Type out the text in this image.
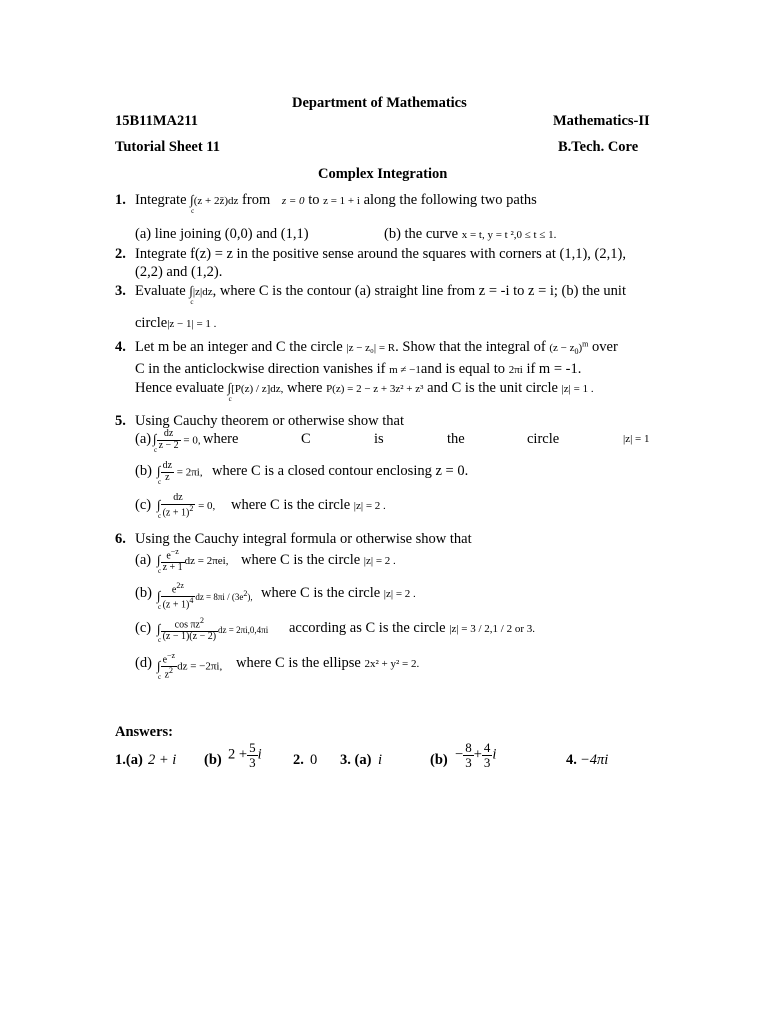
Department of Mathematics
15B11MA211	Mathematics-II
Tutorial Sheet 11	B.Tech. Core
Complex Integration
1. Integrate ∫
c
(z + 2z̄)dz from z = 0 to z = 1 + i along the following two paths
(a) line joining (0,0) and (1,1)	(b) the curve x = t, y = t ²,0 ≤ t ≤ 1.
2. Integrate f(z) = z in the positive sense around the squares with corners at (1,1), (2,1),
(2,2) and (1,2).
3. Evaluate ∫
c
|z|dz, where C is the contour (a) straight line from z = -i to z = i; (b) the unit
circle|z − 1| = 1 .
4. Let m be an integer and C the circle |z − z₀| = R. Show that the integral of $(z - z_0)^m$ over
C in the anticlockwise direction vanishes if m ≠ −1and is equal to 2πi if m = -1.
Hence evaluate ∫
c
[P(z) / z]dz, where P(z) = 2 − z + 3z² + z³ and C is the unit circle |z| = 1 .
5. Using Cauchy theorem or otherwise show that
(a) ∫
c $\frac{dz}{z - 2} = 0$, where	C	is	the	circle	|z| = 1
(b) ∫
c $\frac{dz}{z} = 2\pi i$, where C is a closed contour enclosing z = 0.
(c) ∫
c $\frac{dz}{(z + 1)^2} = 0$, where C is the circle |z| = 2 .
6. Using the Cauchy integral formula or otherwise show that
(a) ∫
c $\frac{e^{-z}}{z + 1}$ dz = 2πei, where C is the circle |z| = 2 .
(b) ∫
c $\frac{e^{2z}}{(z + 1)^4}$ dz = $8\pi i / (3e^2)$, where C is the circle |z| = 2 .
(c) ∫
c $\frac{\cos \pi z^2}{(z - 1)(z - 2)}$ dz = 2πi,0,4πi according as C is the circle |z| = 3 / 2,1 / 2 or 3.
(d) ∫
c $\frac{e^{-z}}{z^2}$ dz = −2πi, where C is the ellipse 2x² + y² = 2.
Answers:
1.(a) 2 + i (b) $2 + \frac{5}{3}$ i 2. 0 3. (a) i	$(b) - \frac{8}{3} + \frac{4}{3}$ i	4. −4πi
